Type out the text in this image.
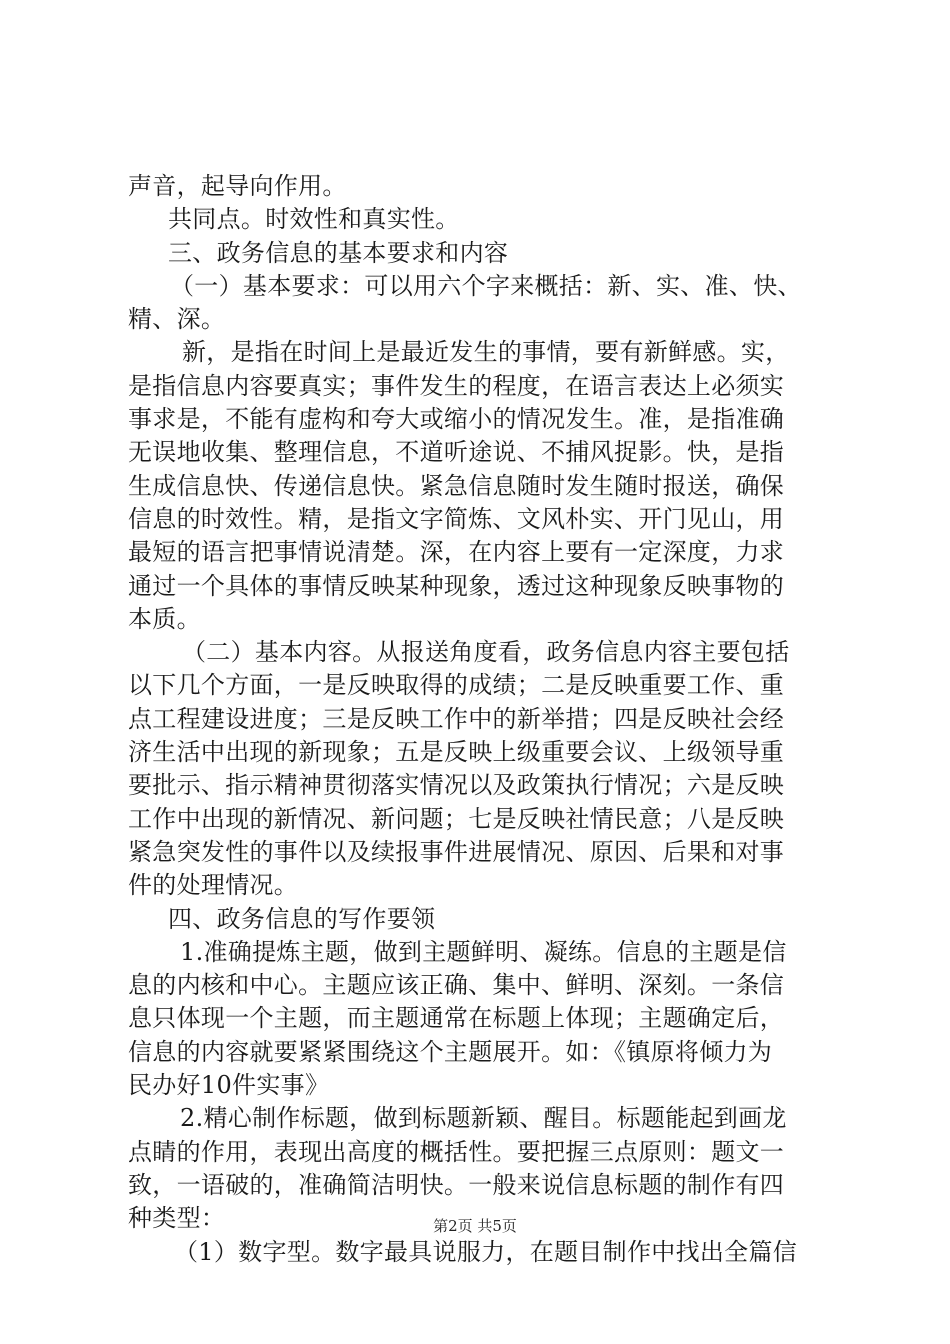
声音，起导向作用。
共同点。时效性和真实性。
三、政务信息的基本要求和内容
（一）基本要求：可以用六个字来概括：新、实、准、快、
精、深。
新，是指在时间上是最近发生的事情，要有新鲜感。实，
是指信息内容要真实；事件发生的程度，在语言表达上必须实
事求是，不能有虚构和夸大或缩小的情况发生。准，是指准确
无误地收集、整理信息，不道听途说、不捕风捉影。快，是指
生成信息快、传递信息快。紧急信息随时发生随时报送，确保
信息的时效性。精，是指文字简炼、文风朴实、开门见山，用
最短的语言把事情说清楚。深，在内容上要有一定深度，力求
通过一个具体的事情反映某种现象，透过这种现象反映事物的
本质。
（二）基本内容。从报送角度看，政务信息内容主要包括
以下几个方面，一是反映取得的成绩；二是反映重要工作、重
点工程建设进度；三是反映工作中的新举措；四是反映社会经
济生活中出现的新现象；五是反映上级重要会议、上级领导重
要批示、指示精神贯彻落实情况以及政策执行情况；六是反映
工作中出现的新情况、新问题；七是反映社情民意；八是反映
紧急突发性的事件以及续报事件进展情况、原因、后果和对事
件的处理情况。
四、政务信息的写作要领
1.准确提炼主题，做到主题鲜明、凝练。信息的主题是信
息的内核和中心。主题应该正确、集中、鲜明、深刻。一条信
息只体现一个主题，而主题通常在标题上体现；主题确定后，
信息的内容就要紧紧围绕这个主题展开。如：《镇原将倾力为
民办好10件实事》
2.精心制作标题，做到标题新颖、醒目。标题能起到画龙
点睛的作用，表现出高度的概括性。要把握三点原则：题文一
致，一语破的，准确简洁明快。一般来说信息标题的制作有四
种类型：
（1）数字型。数字最具说服力，在题目制作中找出全篇信
第2页 共5页
